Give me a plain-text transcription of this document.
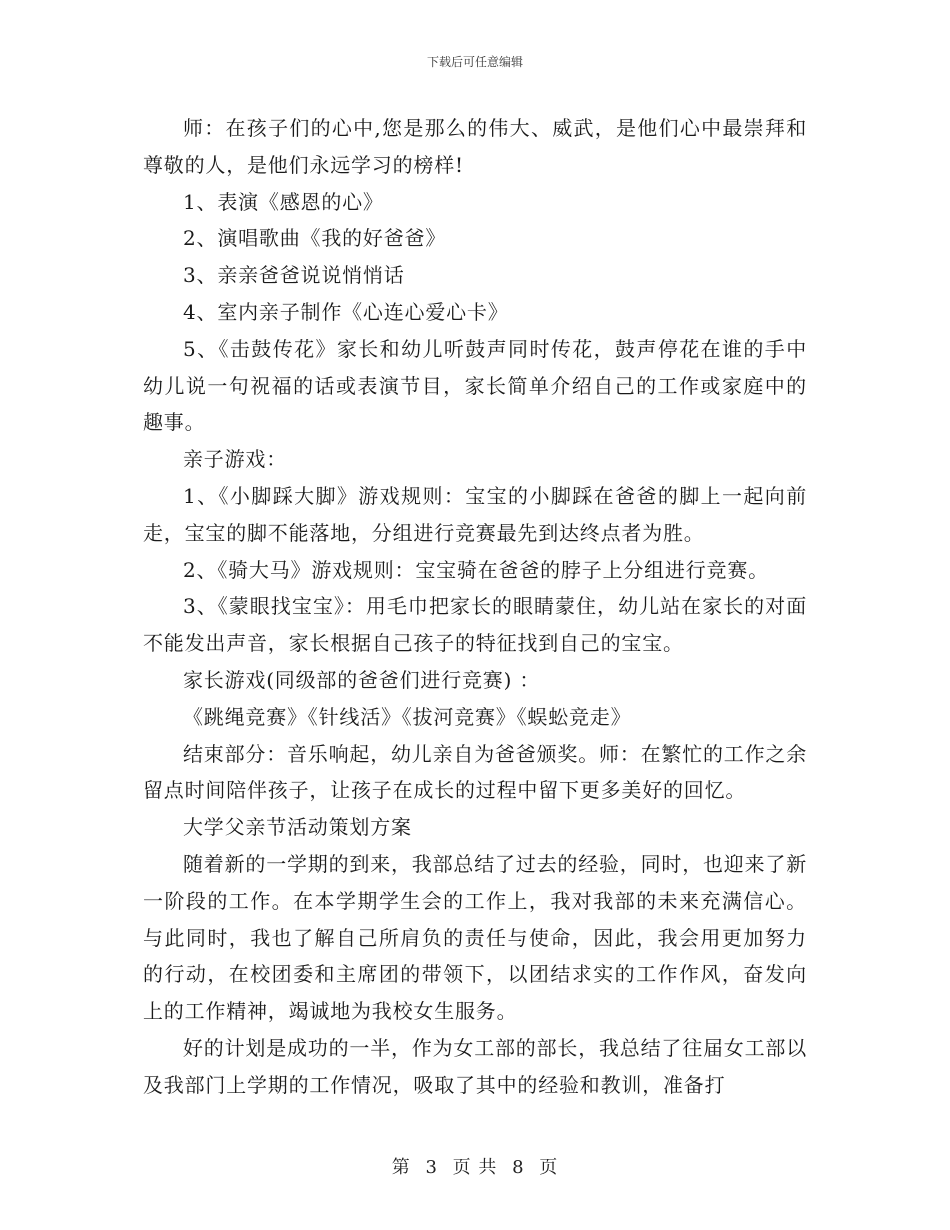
下载后可任意编辑

师：在孩子们的心中,您是那么的伟大、威武，是他们心中最崇拜和尊敬的人，是他们永远学习的榜样!

1、表演《感恩的心》

2、演唱歌曲《我的好爸爸》

3、亲亲爸爸说说悄悄话

4、室内亲子制作《心连心爱心卡》

5、《击鼓传花》家长和幼儿听鼓声同时传花，鼓声停花在谁的手中幼儿说一句祝福的话或表演节目，家长简单介绍自己的工作或家庭中的趣事。

亲子游戏：

1、《小脚踩大脚》游戏规则：宝宝的小脚踩在爸爸的脚上一起向前走，宝宝的脚不能落地，分组进行竞赛最先到达终点者为胜。

2、《骑大马》游戏规则：宝宝骑在爸爸的脖子上分组进行竞赛。

3、《蒙眼找宝宝》：用毛巾把家长的眼睛蒙住，幼儿站在家长的对面不能发出声音，家长根据自己孩子的特征找到自己的宝宝。

家长游戏(同级部的爸爸们进行竞赛) ：

《跳绳竞赛》《针线活》《拔河竞赛》《蜈蚣竞走》

结束部分：音乐响起，幼儿亲自为爸爸颁奖。师：在繁忙的工作之余留点时间陪伴孩子，让孩子在成长的过程中留下更多美好的回忆。

大学父亲节活动策划方案

随着新的一学期的到来，我部总结了过去的经验，同时，也迎来了新一阶段的工作。在本学期学生会的工作上，我对我部的未来充满信心。与此同时，我也了解自己所肩负的责任与使命，因此，我会用更加努力的行动，在校团委和主席团的带领下，以团结求实的工作作风，奋发向上的工作精神，竭诚地为我校女生服务。

好的计划是成功的一半，作为女工部的部长，我总结了往届女工部以及我部门上学期的工作情况，吸取了其中的经验和教训，准备打

第 3 页 共 8 页
